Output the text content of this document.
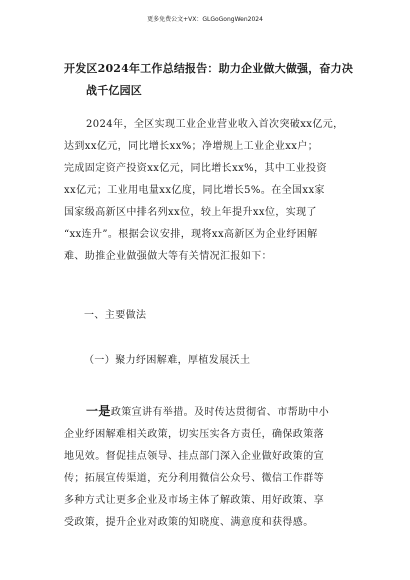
更多免费公文+VX：GLGoGongWen2024
开发区2024年工作总结报告：助力企业做大做强，奋力决
战千亿园区
2024年，全区实现工业企业营业收入首次突破xx亿元，
达到xx亿元，同比增长xx%；净增规上工业企业xx户；
完成固定资产投资xx亿元，同比增长xx%，其中工业投资
xx亿元；工业用电量xx亿度，同比增长5%。在全国xx家
国家级高新区中排名列xx位，较上年提升xx位，实现了
“xx连升”。根据会议安排，现将xx高新区为企业纾困解
难、助推企业做强做大等有关情况汇报如下：
一、主要做法
（一）聚力纾困解难，厚植发展沃土
一是政策宣讲有举措。及时传达贯彻省、市帮助中小
企业纾困解难相关政策，切实压实各方责任，确保政策落
地见效。督促挂点领导、挂点部门深入企业做好政策的宣
传；拓展宣传渠道，充分利用微信公众号、微信工作群等
多种方式让更多企业及市场主体了解政策、用好政策、享
受政策，提升企业对政策的知晓度、满意度和获得感。
